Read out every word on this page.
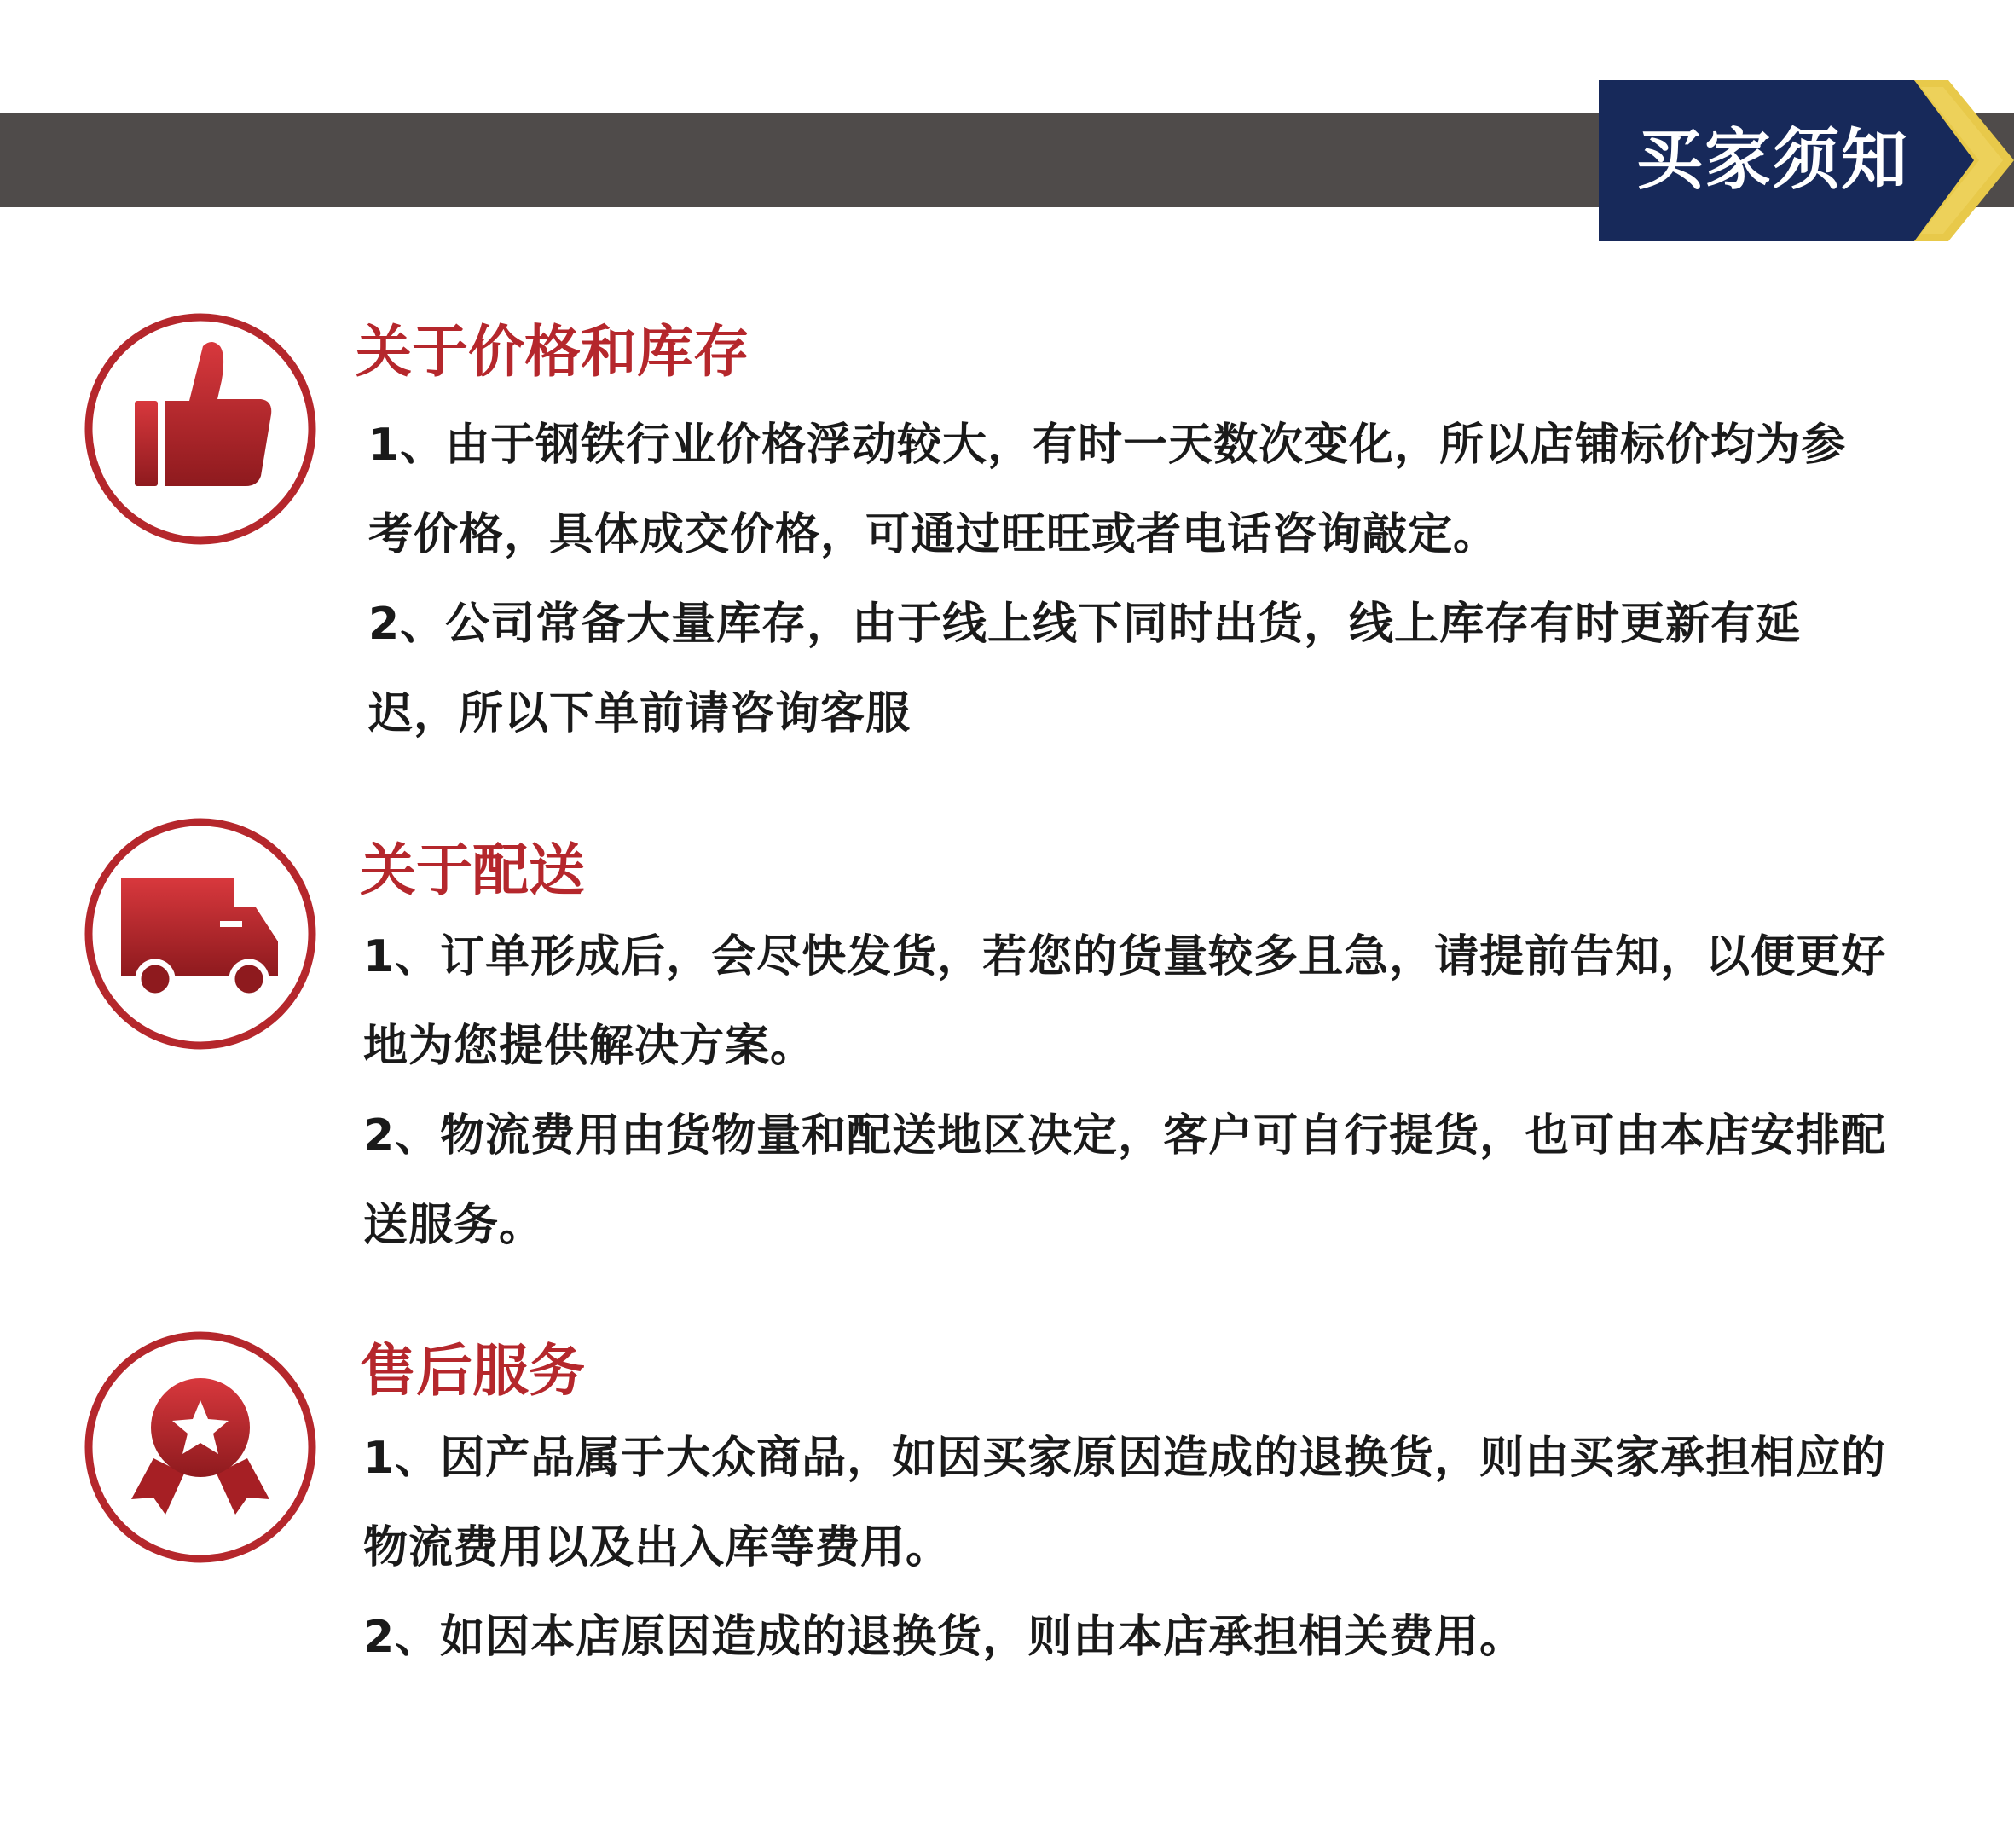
买家须知
关于价格和库存
1、由于钢铁行业价格浮动较大，有时一天数次变化，所以店铺标价均为参考价格，具体成交价格，可通过旺旺或者电话咨询敲定。
2、公司常备大量库存，由于线上线下同时出货，线上库存有时更新有延迟，所以下单前请咨询客服
关于配送
1、订单形成后，会尽快发货，若您的货量较多且急，请提前告知，以便更好地为您提供解决方案。
2、物流费用由货物量和配送地区决定，客户可自行提货，也可由本店安排配送服务。
售后服务
1、因产品属于大众商品，如因买家原因造成的退换货，则由买家承担相应的物流费用以及出入库等费用。
2、如因本店原因造成的退换货，则由本店承担相关费用。
